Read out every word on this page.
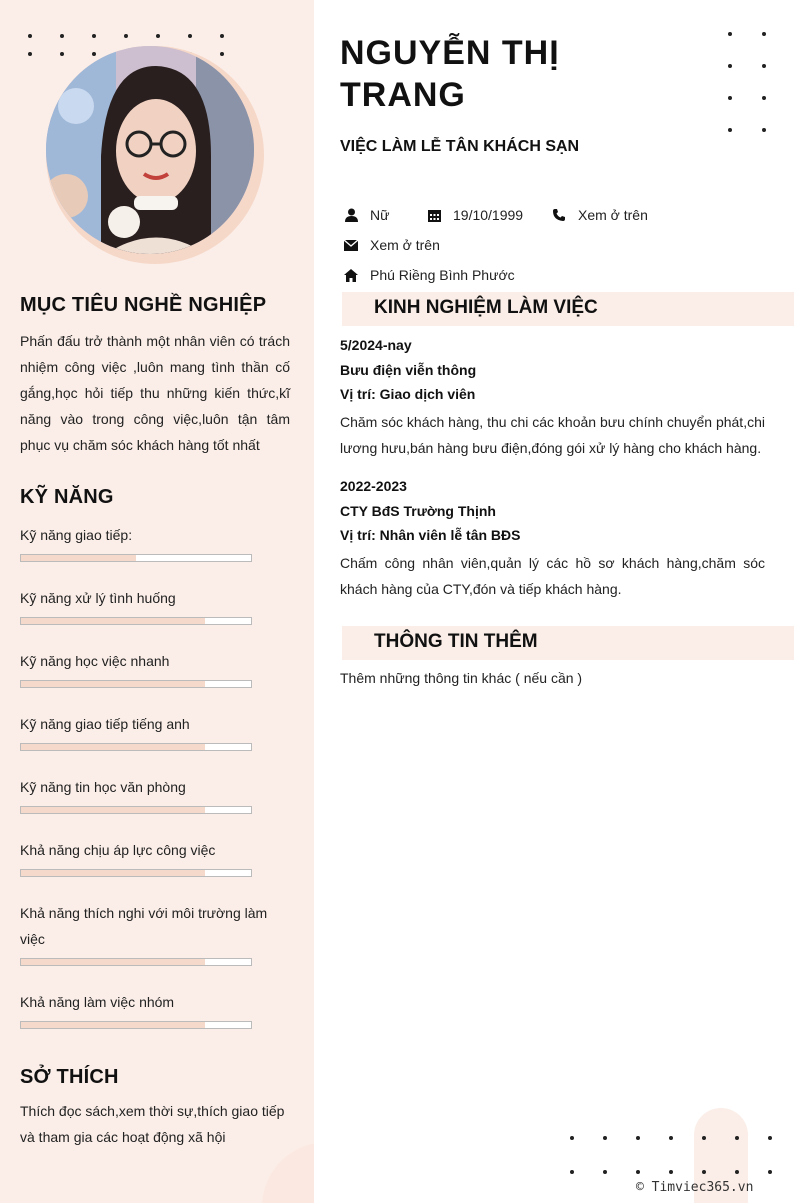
MỤC TIÊU NGHỀ NGHIỆP
Phấn đấu trở thành một nhân viên có trách nhiệm công việc ,luôn mang tình thần cố gắng,học hỏi tiếp thu những kiến thức,kĩ năng vào trong công việc,luôn tận tâm phục vụ chăm sóc khách hàng tốt nhất
KỸ NĂNG
Kỹ năng giao tiếp:
Kỹ năng xử lý tình huống
Kỹ năng học việc nhanh
Kỹ năng giao tiếp tiếng anh
Kỹ năng tin học văn phòng
Khả năng chịu áp lực công việc
Khả năng thích nghi với môi trường làm việc
Khả năng làm việc nhóm
SỞ THÍCH
Thích đọc sách,xem thời sự,thích giao tiếp và tham gia các hoạt động xã hội
NGUYỄN THỊ TRANG
VIỆC LÀM LỄ TÂN KHÁCH SẠN
Nữ	19/10/1999	Xem ở trên
Xem ở trên
Phú Riềng Bình Phước
KINH NGHIỆM LÀM VIỆC
5/2024-nay
Bưu điện viễn thông
Vị trí: Giao dịch viên
Chăm sóc khách hàng, thu chi các khoản bưu chính chuyển phát,chi lương hưu,bán hàng bưu điện,đóng gói xử lý hàng cho khách hàng.
2022-2023
CTY BđS Trường Thịnh
Vị trí: Nhân viên lễ tân BĐS
Chấm công nhân viên,quản lý các hồ sơ khách hàng,chăm sóc khách hàng của CTY,đón và tiếp khách hàng.
THÔNG TIN THÊM
Thêm những thông tin khác ( nếu cần )
© Timviec365.vn
